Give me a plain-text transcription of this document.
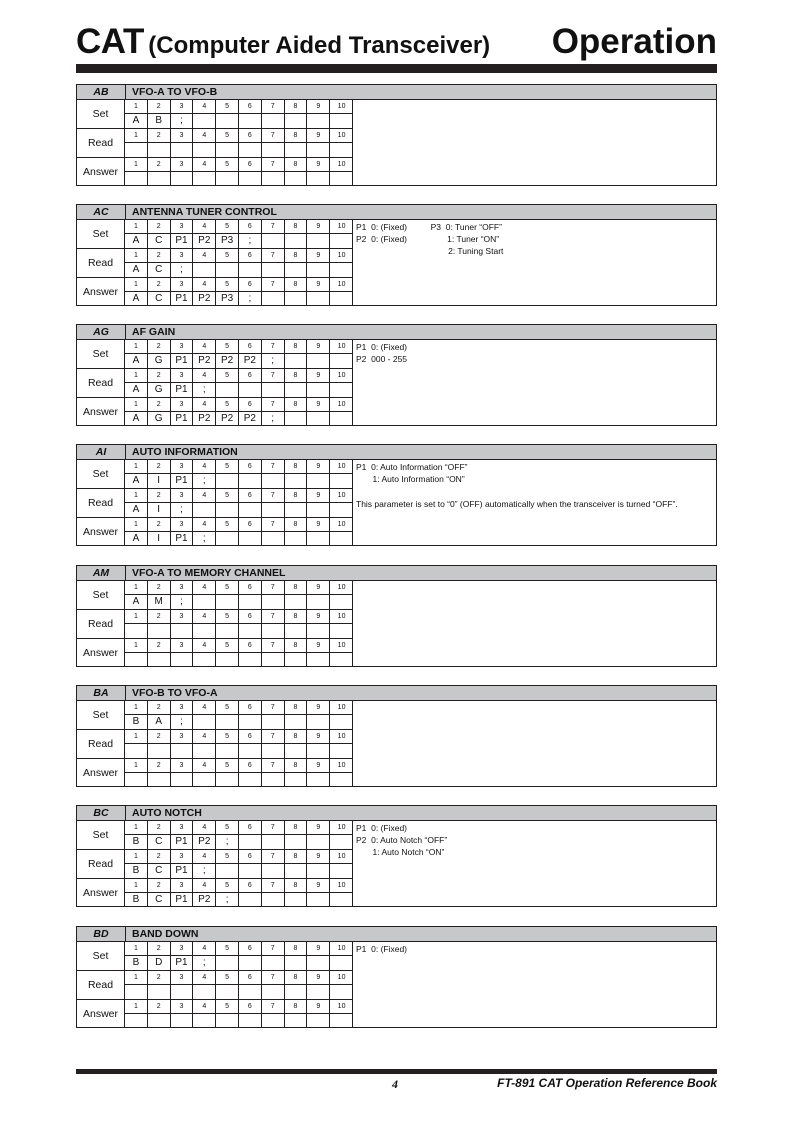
CAT (Computer Aided Transceiver) Operation
AB	VFO-A TO VFO-B
Set
1	2	3	4	5	6	7	8	9	10
A	B	;
Read
1	2	3	4	5	6	7	8	9	10
Answer
1	2	3	4	5	6	7	8	9	10
AC	ANTENNA TUNER CONTROL
Set
1	2	3	4	5	6	7	8	9	10
A	C	P1	P2	P3	;
Read
1	2	3	4	5	6	7	8	9	10
A	C	;
Answer
1	2	3	4	5	6	7	8	9	10
A	C	P1	P2	P3	;
P1  0: (Fixed)          P3  0: Tuner “OFF”
P2  0: (Fixed)                 1: Tuner “ON”
2: Tuning Start
AG	AF GAIN
Set
1	2	3	4	5	6	7	8	9	10
A	G	P1	P2	P2	P2	;
Read
1	2	3	4	5	6	7	8	9	10
A	G	P1	;
Answer
1	2	3	4	5	6	7	8	9	10
A	G	P1	P2	P2	P2	;
P1  0: (Fixed)
P2  000 - 255
AI	AUTO INFORMATION
Set
1	2	3	4	5	6	7	8	9	10
A	I	P1	;
Read
1	2	3	4	5	6	7	8	9	10
A	I	;
Answer
1	2	3	4	5	6	7	8	9	10
A	I	P1	;
P1  0: Auto Information “OFF”
1: Auto Information “ON”
This parameter is set to “0” (OFF) automatically when the transceiver is turned “OFF”.
AM	VFO-A TO MEMORY CHANNEL
Set
1	2	3	4	5	6	7	8	9	10
A	M	;
Read
1	2	3	4	5	6	7	8	9	10
Answer
1	2	3	4	5	6	7	8	9	10
BA	VFO-B TO VFO-A
Set
1	2	3	4	5	6	7	8	9	10
B	A	;
Read
1	2	3	4	5	6	7	8	9	10
Answer
1	2	3	4	5	6	7	8	9	10
BC	AUTO NOTCH
Set
1	2	3	4	5	6	7	8	9	10
B	C	P1	P2	;
Read
1	2	3	4	5	6	7	8	9	10
B	C	P1	;
Answer
1	2	3	4	5	6	7	8	9	10
B	C	P1	P2	;
P1  0: (Fixed)
P2  0: Auto Notch “OFF”
1: Auto Notch “ON”
BD	BAND DOWN
Set
1	2	3	4	5	6	7	8	9	10
B	D	P1	;
Read
1	2	3	4	5	6	7	8	9	10
Answer
1	2	3	4	5	6	7	8	9	10
P1  0: (Fixed)
4	FT-891 CAT Operation Reference Book
